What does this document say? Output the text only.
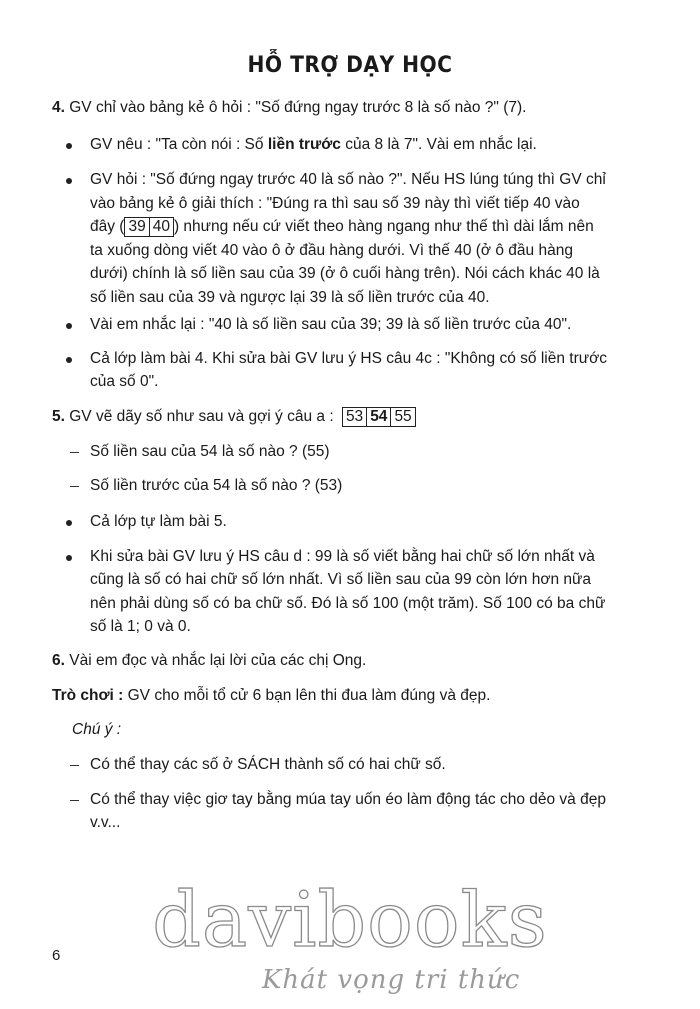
HỖ TRỢ DẠY HỌC
4. GV chỉ vào bảng kẻ ô hỏi : "Số đứng ngay trước 8 là số nào ?" (7).
GV nêu : "Ta còn nói : Số liền trước của 8 là 7". Vài em nhắc lại.
GV hỏi : "Số đứng ngay trước 40 là số nào ?". Nếu HS lúng túng thì GV chỉ
vào bảng kẻ ô giải thích : "Đúng ra thì sau số 39 này thì viết tiếp 40 vào
đây ( 39 40 ) nhưng nếu cứ viết theo hàng ngang như thế thì dài lắm nên
ta xuống dòng viết 40 vào ô ở đầu hàng dưới. Vì thế 40 (ở ô đầu hàng
dưới) chính là số liền sau của 39 (ở ô cuối hàng trên). Nói cách khác 40 là
số liền sau của 39 và ngược lại 39 là số liền trước của 40.
Vài em nhắc lại : "40 là số liền sau của 39; 39 là số liền trước của 40".
Cả lớp làm bài 4. Khi sửa bài GV lưu ý HS câu 4c : "Không có số liền trước
của số 0".
5. GV vẽ dãy số như sau và gợi ý câu a : 53 54 55
Số liền sau của 54 là số nào ? (55)
Số liền trước của 54 là số nào ? (53)
Cả lớp tự làm bài 5.
Khi sửa bài GV lưu ý HS câu d : 99 là số viết bằng hai chữ số lớn nhất và
cũng là số có hai chữ số lớn nhất. Vì số liền sau của 99 còn lớn hơn nữa
nên phải dùng số có ba chữ số. Đó là số 100 (một trăm). Số 100 có ba chữ
số là 1; 0 và 0.
6. Vài em đọc và nhắc lại lời của các chị Ong.
Trò chơi : GV cho mỗi tổ cử 6 bạn lên thi đua làm đúng và đẹp.
Chú ý :
Có thể thay các số ở SÁCH thành số có hai chữ số.
Có thể thay việc giơ tay bằng múa tay uốn éo làm động tác cho dẻo và đẹp
v.v...
davibooks
6
Khát vọng tri thức
